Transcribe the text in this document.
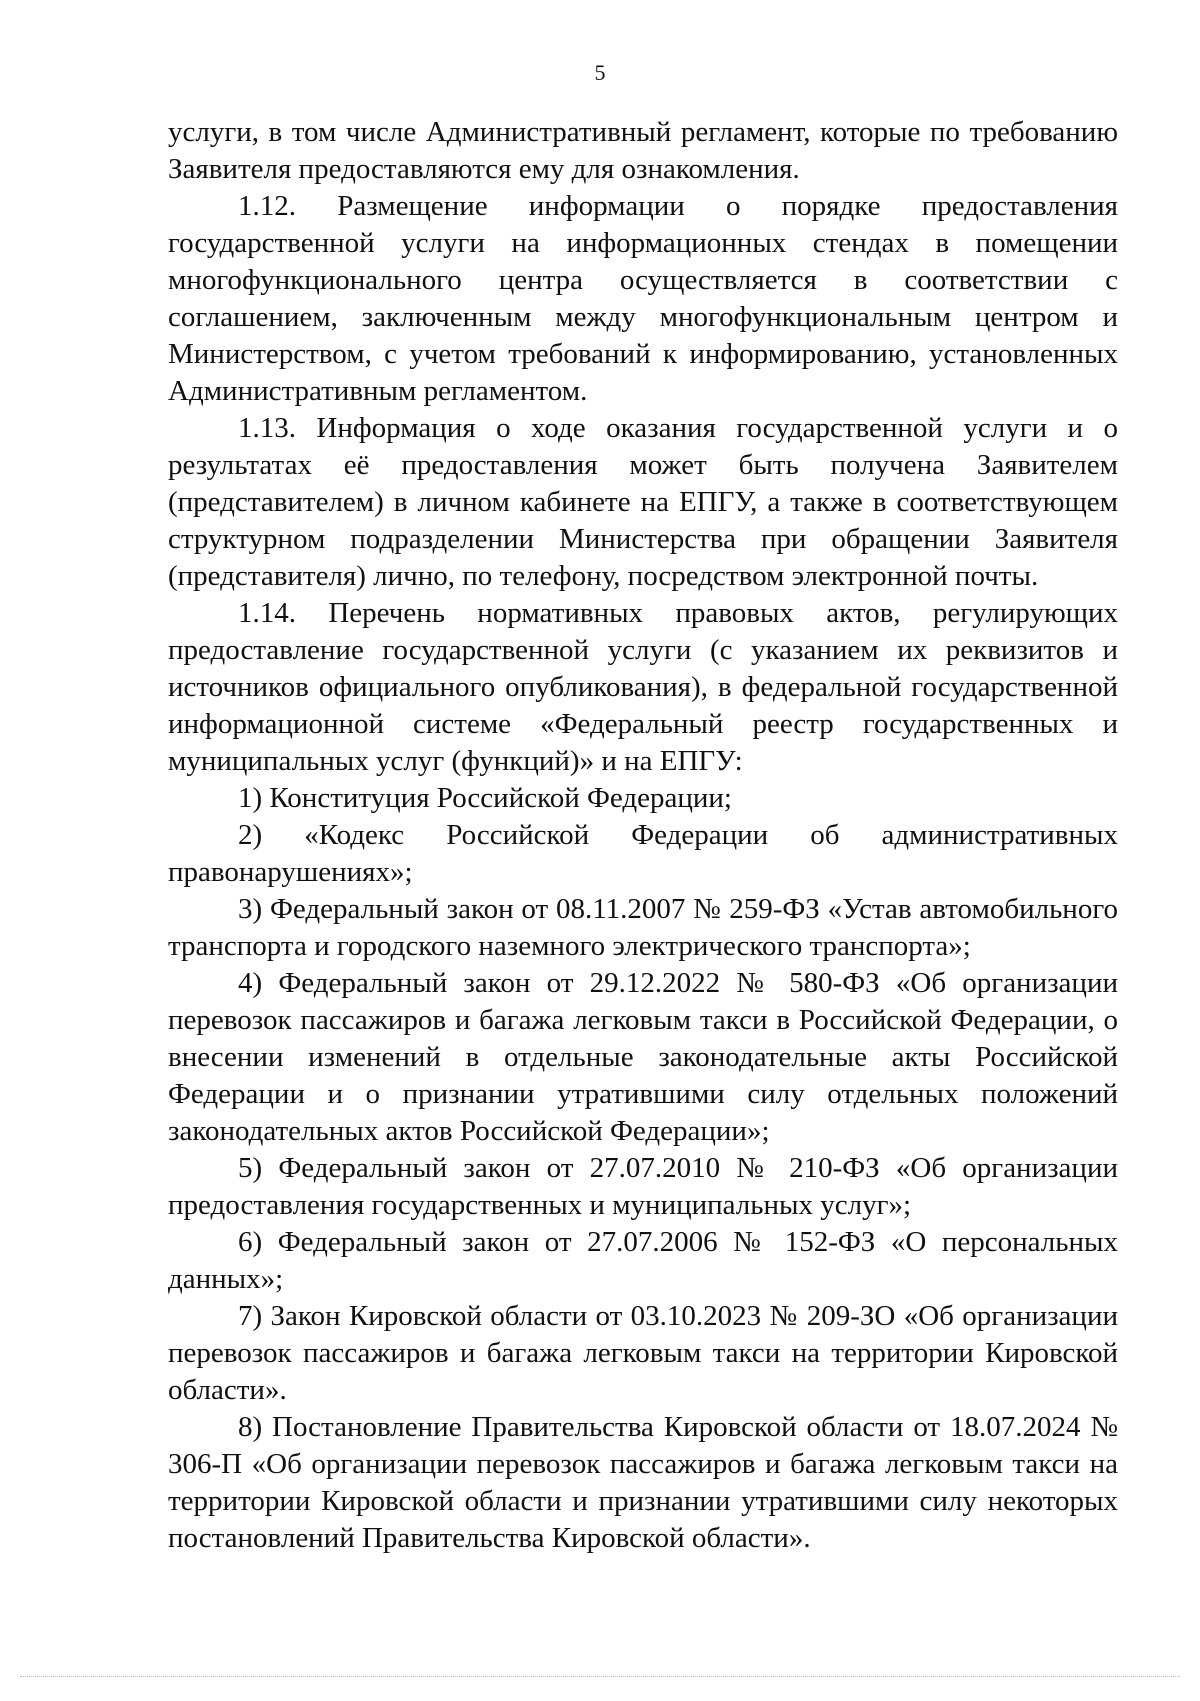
5

услуги, в том числе Административный регламент, которые по требованию Заявителя предоставляются ему для ознакомления.

1.12. Размещение информации о порядке предоставления государственной услуги на информационных стендах в помещении многофункционального центра осуществляется в соответствии с соглашением, заключенным между многофункциональным центром и Министерством, с учетом требований к информированию, установленных Административным регламентом.

1.13. Информация о ходе оказания государственной услуги и о результатах её предоставления может быть получена Заявителем (представителем) в личном кабинете на ЕПГУ, а также в соответствующем структурном подразделении Министерства при обращении Заявителя (представителя) лично, по телефону, посредством электронной почты.

1.14. Перечень нормативных правовых актов, регулирующих предоставление государственной услуги (с указанием их реквизитов и источников официального опубликования), в федеральной государственной информационной системе «Федеральный реестр государственных и муниципальных услуг (функций)» и на ЕПГУ:

1) Конституция Российской Федерации;

2) «Кодекс Российской Федерации об административных правонарушениях»;

3) Федеральный закон от 08.11.2007 № 259-ФЗ «Устав автомобильного транспорта и городского наземного электрического транспорта»;

4) Федеральный закон от 29.12.2022 № 580-ФЗ «Об организации перевозок пассажиров и багажа легковым такси в Российской Федерации, о внесении изменений в отдельные законодательные акты Российской Федерации и о признании утратившими силу отдельных положений законодательных актов Российской Федерации»;

5) Федеральный закон от 27.07.2010 № 210-ФЗ «Об организации предоставления государственных и муниципальных услуг»;

6) Федеральный закон от 27.07.2006 № 152-ФЗ «О персональных данных»;

7) Закон Кировской области от 03.10.2023 № 209-ЗО «Об организации перевозок пассажиров и багажа легковым такси на территории Кировской области».

8) Постановление Правительства Кировской области от 18.07.2024 № 306-П «Об организации перевозок пассажиров и багажа легковым такси на территории Кировской области и признании утратившими силу некоторых постановлений Правительства Кировской области».
